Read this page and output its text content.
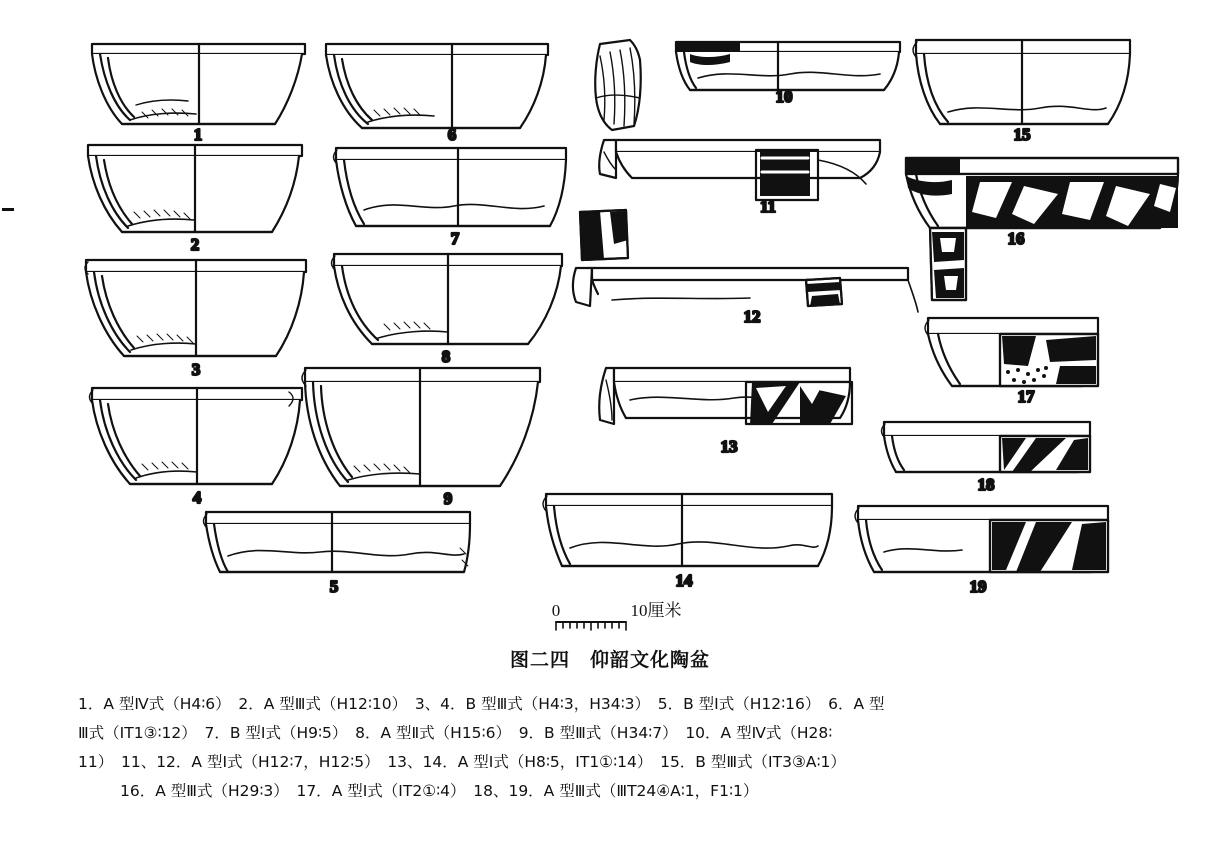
1
2
3
4
5
6
7
8
9
10
11
12
13
14
15
16
17
18
19
0	10厘米
图二四　仰韶文化陶盆
1．A 型Ⅳ式（H4∶6）　2．A 型Ⅲ式（H12∶10）　3、4．B 型Ⅲ式（H4∶3，H34∶3）　5．B 型Ⅰ式（H12∶16）　6．A 型
Ⅲ式（ⅠT1③∶12）　7．B 型Ⅰ式（H9∶5）　8．A 型Ⅱ式（H15∶6）　9．B 型Ⅲ式（H34∶7）　10．A 型Ⅳ式（H28∶
11）　11、12．A 型Ⅰ式（H12∶7，H12∶5）　13、14．A 型Ⅰ式（H8∶5，ⅠT1①∶14）　15．B 型Ⅲ式（ⅠT3③A∶1）
16．A 型Ⅲ式（H29∶3）　17．A 型Ⅰ式（ⅠT2①∶4）　18、19．A 型Ⅲ式（ⅢT24④A∶1，F1∶1）
